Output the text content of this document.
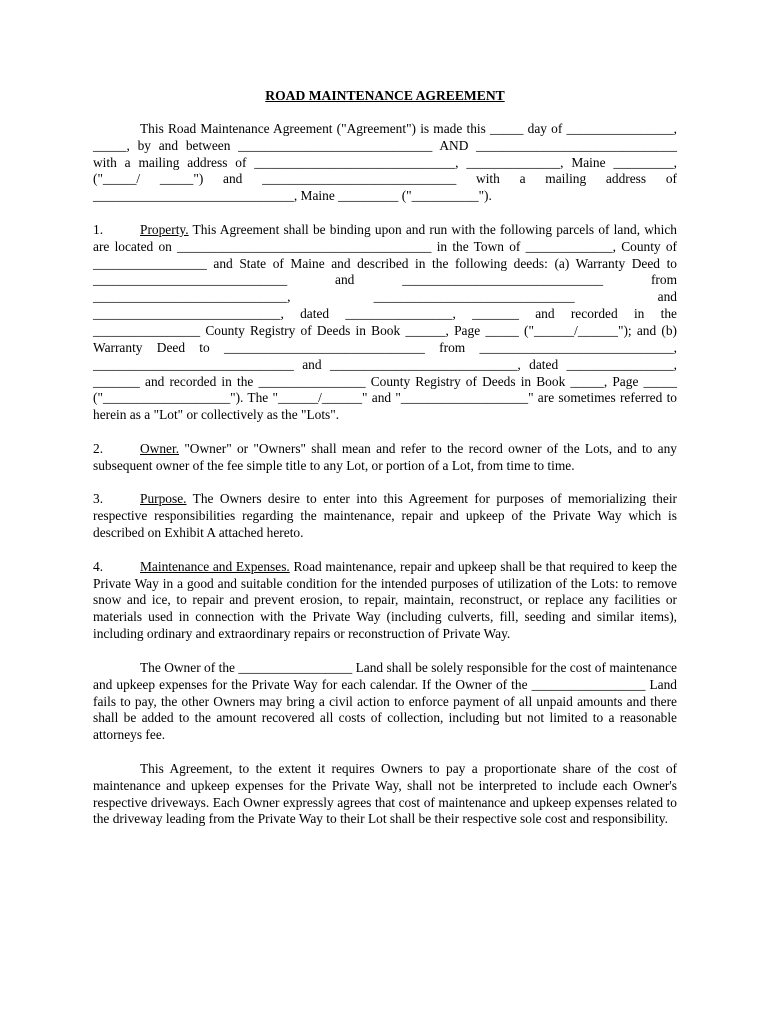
ROAD MAINTENANCE AGREEMENT

This Road Maintenance Agreement ("Agreement") is made this _____ day of ________________, _____, by and between _____________________________ AND ______________________________ with a mailing address of ______________________________, ______________, Maine _________, ("_____/ _____") and _____________________________ with a mailing address of ______________________________, Maine _________ ("__________").

1.	Property. This Agreement shall be binding upon and run with the following parcels of land, which are located on ______________________________________ in the Town of _____________, County of _________________ and State of Maine and described in the following deeds: (a) Warranty Deed to _____________________________ and ______________________________ from _____________________________, ______________________________ and ____________________________, dated ________________, _______ and recorded in the ________________ County Registry of Deeds in Book ______, Page _____ ("______/______"); and (b) Warranty Deed to ______________________________ from _____________________________, ______________________________ and ____________________________, dated ________________, _______ and recorded in the ________________ County Registry of Deeds in Book _____, Page _____ ("___________________"). The "______/______" and "___________________" are sometimes referred to herein as a "Lot" or collectively as the "Lots".

2.	Owner. "Owner" or "Owners" shall mean and refer to the record owner of the Lots, and to any subsequent owner of the fee simple title to any Lot, or portion of a Lot, from time to time.

3.	Purpose. The Owners desire to enter into this Agreement for purposes of memorializing their respective responsibilities regarding the maintenance, repair and upkeep of the Private Way which is described on Exhibit A attached hereto.

4.	Maintenance and Expenses. Road maintenance, repair and upkeep shall be that required to keep the Private Way in a good and suitable condition for the intended purposes of utilization of the Lots: to remove snow and ice, to repair and prevent erosion, to repair, maintain, reconstruct, or replace any facilities or materials used in connection with the Private Way (including culverts, fill, seeding and similar items), including ordinary and extraordinary repairs or reconstruction of Private Way.

The Owner of the _________________ Land shall be solely responsible for the cost of maintenance and upkeep expenses for the Private Way for each calendar. If the Owner of the _________________ Land fails to pay, the other Owners may bring a civil action to enforce payment of all unpaid amounts and there shall be added to the amount recovered all costs of collection, including but not limited to a reasonable attorneys fee.

This Agreement, to the extent it requires Owners to pay a proportionate share of the cost of maintenance and upkeep expenses for the Private Way, shall not be interpreted to include each Owner's respective driveways. Each Owner expressly agrees that cost of maintenance and upkeep expenses related to the driveway leading from the Private Way to their Lot shall be their respective sole cost and responsibility.
